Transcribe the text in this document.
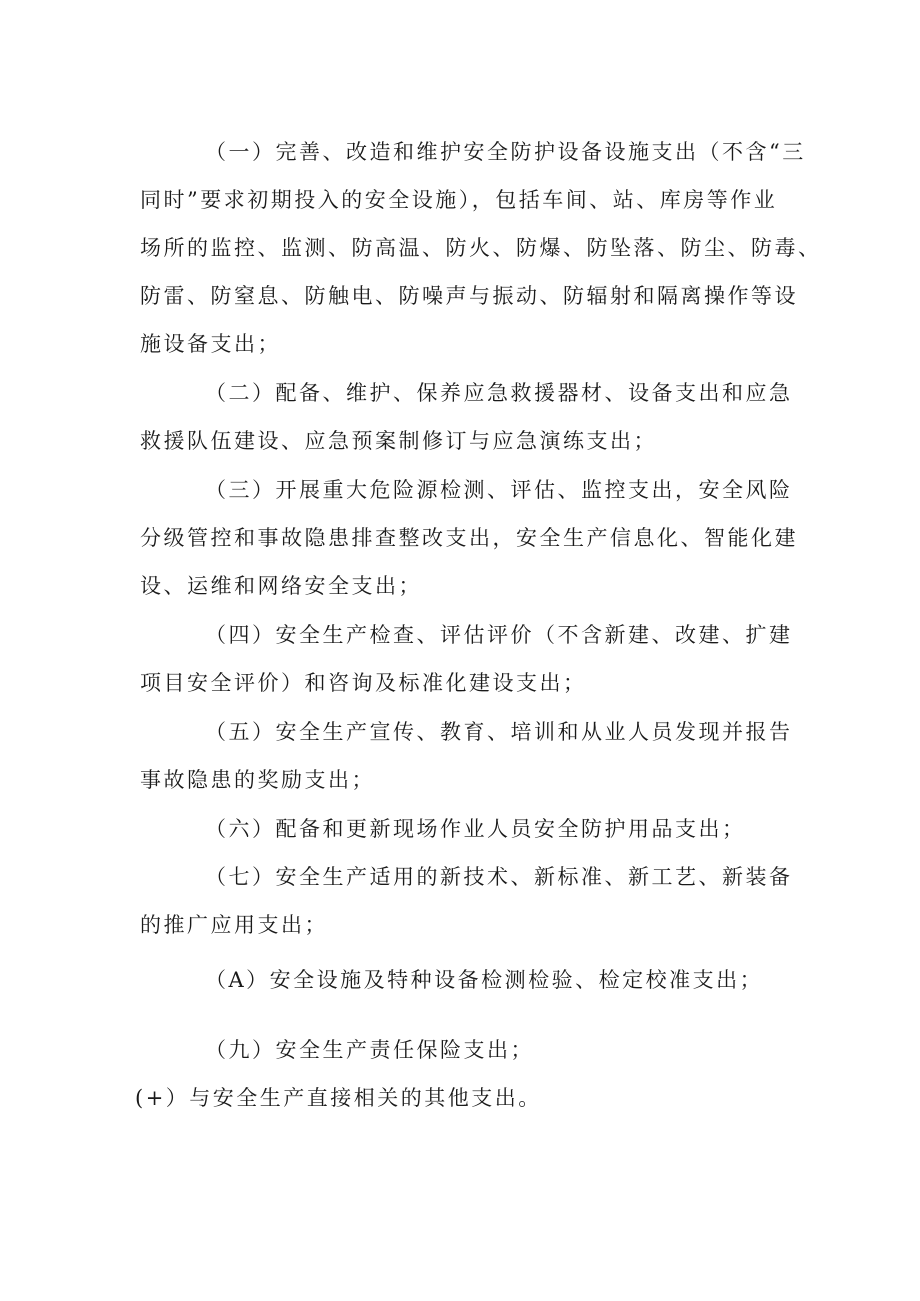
（一）完善、改造和维护安全防护设备设施支出（不含“三
同时”要求初期投入的安全设施），包括车间、站、库房等作业
场所的监控、监测、防高温、防火、防爆、防坠落、防尘、防毒、
防雷、防窒息、防触电、防噪声与振动、防辐射和隔离操作等设
施设备支出；
（二）配备、维护、保养应急救援器材、设备支出和应急
救援队伍建设、应急预案制修订与应急演练支出；
（三）开展重大危险源检测、评估、监控支出，安全风险
分级管控和事故隐患排查整改支出，安全生产信息化、智能化建
设、运维和网络安全支出；
（四）安全生产检查、评估评价（不含新建、改建、扩建
项目安全评价）和咨询及标准化建设支出；
（五）安全生产宣传、教育、培训和从业人员发现并报告
事故隐患的奖励支出；
（六）配备和更新现场作业人员安全防护用品支出；
（七）安全生产适用的新技术、新标准、新工艺、新装备
的推广应用支出；
（A）安全设施及特种设备检测检验、检定校准支出；
（九）安全生产责任保险支出；
(+）与安全生产直接相关的其他支出。
